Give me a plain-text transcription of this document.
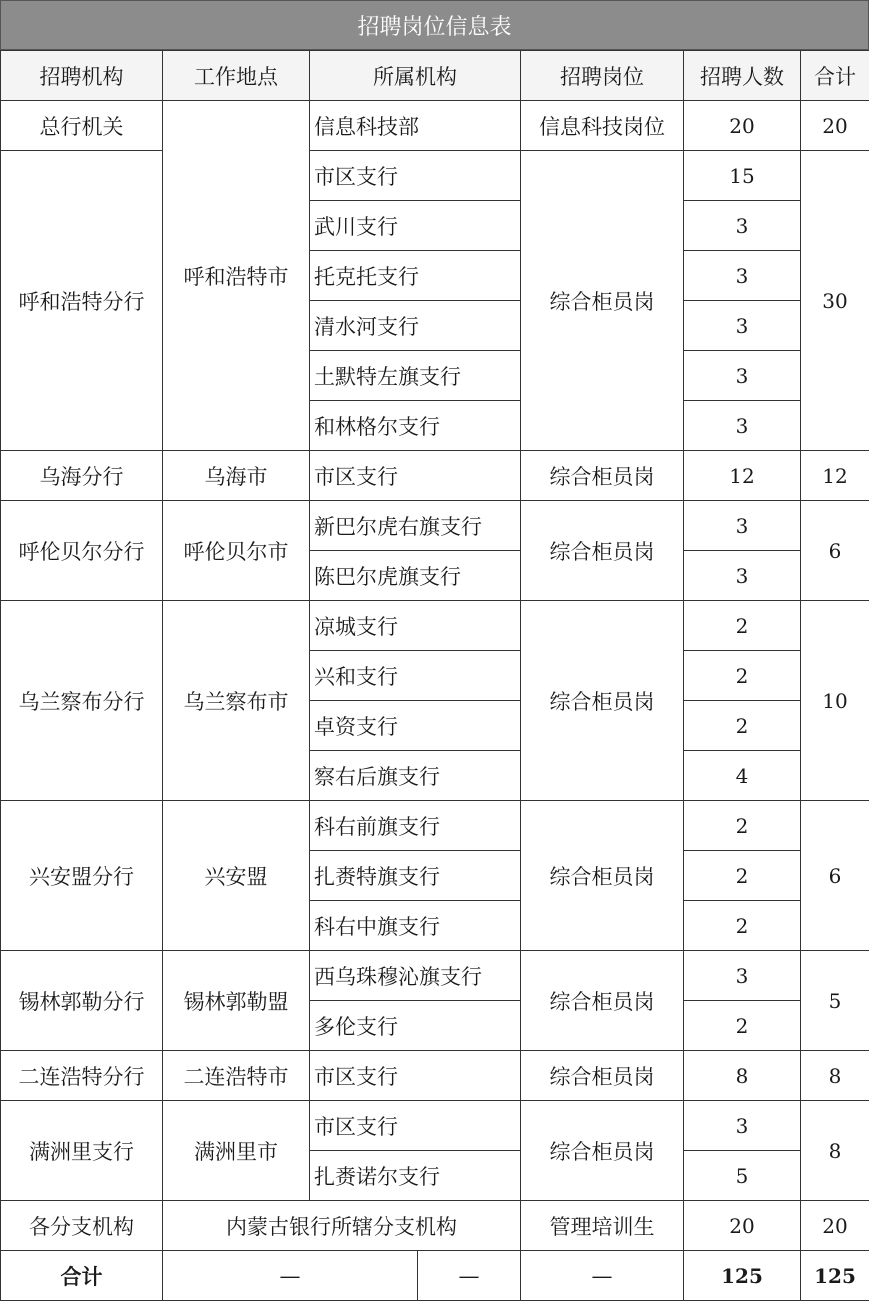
招聘岗位信息表
招聘机构	工作地点	所属机构		招聘岗位	招聘人数	合计
总行机关	呼和浩特市	信息科技部		信息科技岗位	20	20
呼和浩特分行		市区支行		综合柜员岗	15	30
		武川支行			3	
		托克托支行			3	
		清水河支行			3	
		土默特左旗支行			3	
		和林格尔支行			3	
乌海分行	乌海市	市区支行		综合柜员岗	12	12
呼伦贝尔分行	呼伦贝尔市	新巴尔虎右旗支行		综合柜员岗	3	6
		陈巴尔虎旗支行			3	
乌兰察布分行	乌兰察布市	凉城支行		综合柜员岗	2	10
		兴和支行			2	
		卓资支行			2	
		察右后旗支行			4	
兴安盟分行	兴安盟	科右前旗支行		综合柜员岗	2	6
		扎赉特旗支行			2	
		科右中旗支行			2	
锡林郭勒分行	锡林郭勒盟	西乌珠穆沁旗支行		综合柜员岗	3	5
		多伦支行			2	
二连浩特分行	二连浩特市	市区支行		综合柜员岗	8	8
满洲里支行	满洲里市	市区支行		综合柜员岗	3	8
		扎赉诺尔支行			5	
各分支机构	内蒙古银行所辖分支机构			管理培训生	20	20
合计	—		—	—	125	125
